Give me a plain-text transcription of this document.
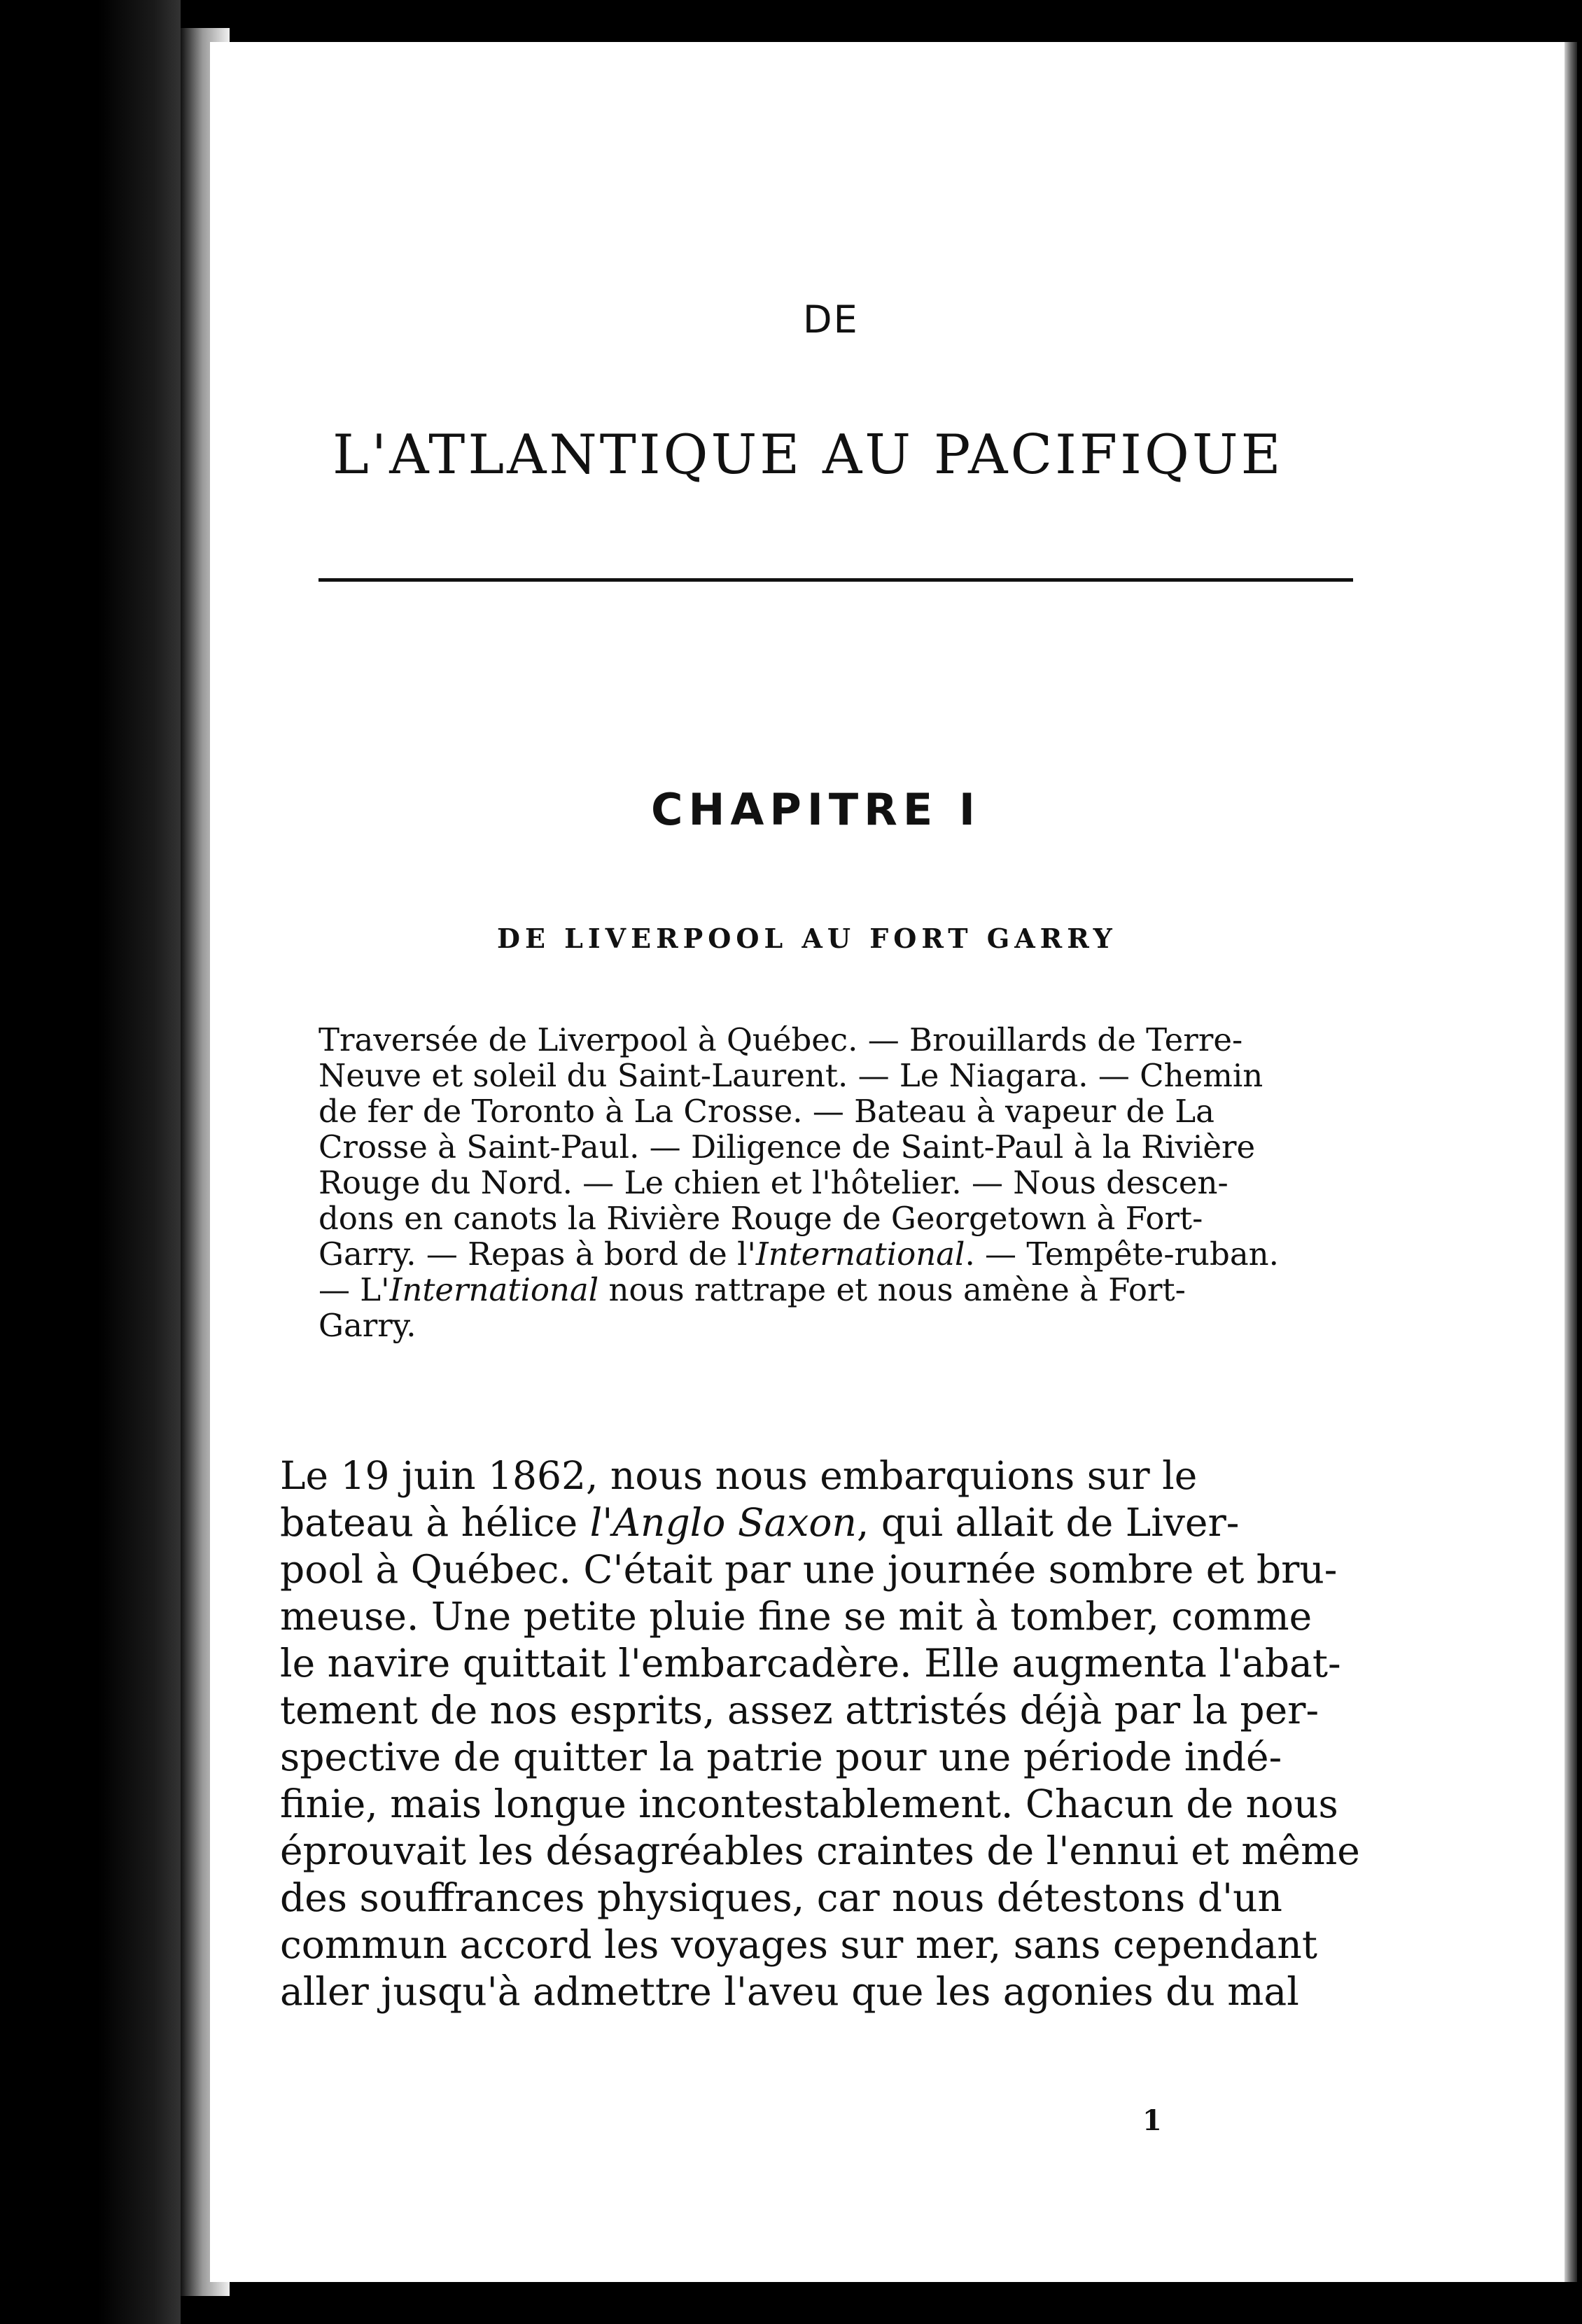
DE
L'ATLANTIQUE AU PACIFIQUE
CHAPITRE I
DE LIVERPOOL AU FORT GARRY
Traversée de Liverpool à Québec. — Brouillards de Terre-
Neuve et soleil du Saint-Laurent. — Le Niagara. — Chemin
de fer de Toronto à La Crosse. — Bateau à vapeur de La
Crosse à Saint-Paul. — Diligence de Saint-Paul à la Rivière
Rouge du Nord. — Le chien et l'hôtelier. — Nous descen-
dons en canots la Rivière Rouge de Georgetown à Fort-
Garry. — Repas à bord de l'International. — Tempête-ruban.
— L'International nous rattrape et nous amène à Fort-
Garry.
Le 19 juin 1862, nous nous embarquions sur le
bateau à hélice l'Anglo Saxon, qui allait de Liver-
pool à Québec. C'était par une journée sombre et bru-
meuse. Une petite pluie fine se mit à tomber, comme
le navire quittait l'embarcadère. Elle augmenta l'abat-
tement de nos esprits, assez attristés déjà par la per-
spective de quitter la patrie pour une période indé-
finie, mais longue incontestablement. Chacun de nous
éprouvait les désagréables craintes de l'ennui et même
des souffrances physiques, car nous détestons d'un
commun accord les voyages sur mer, sans cependant
aller jusqu'à admettre l'aveu que les agonies du mal
1
